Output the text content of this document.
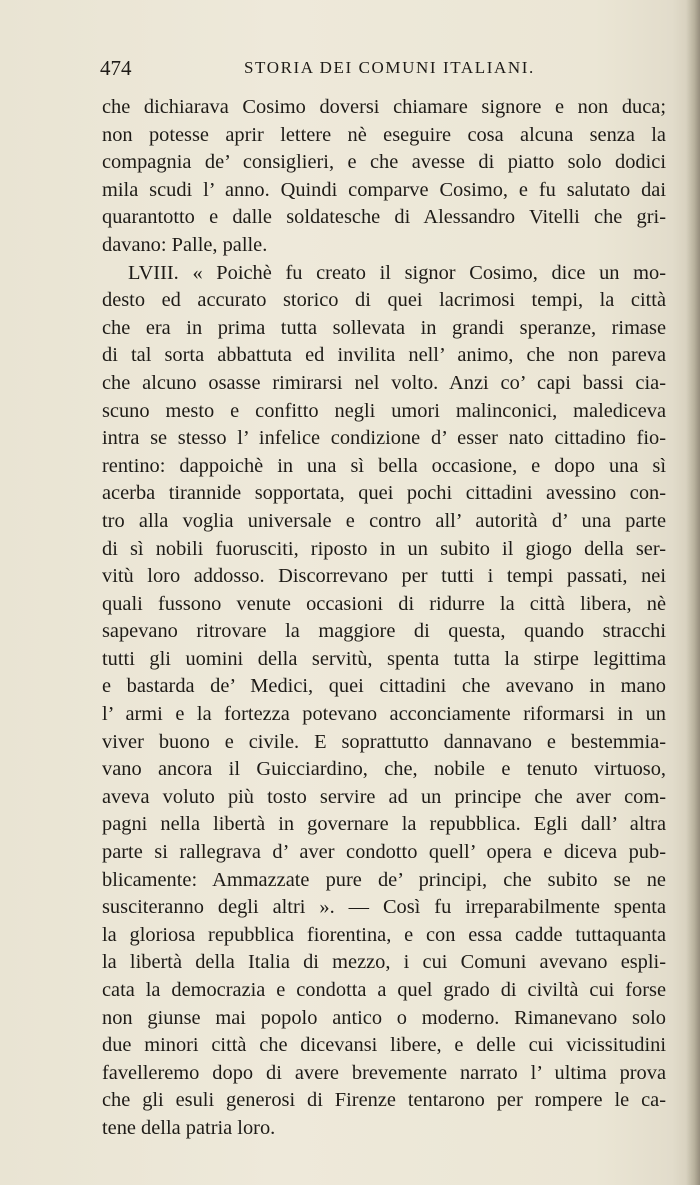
474	STORIA DEI COMUNI ITALIANI.
che dichiarava Cosimo doversi chiamare signore e non duca;
non potesse aprir lettere nè eseguire cosa alcuna senza la
compagnia de’ consiglieri, e che avesse di piatto solo dodici
mila scudi l’ anno. Quindi comparve Cosimo, e fu salutato dai
quarantotto e dalle soldatesche di Alessandro Vitelli che gri-
davano: Palle, palle.
LVIII. « Poichè fu creato il signor Cosimo, dice un mo-
desto ed accurato storico di quei lacrimosi tempi, la città
che era in prima tutta sollevata in grandi speranze, rimase
di tal sorta abbattuta ed invilita nell’ animo, che non pareva
che alcuno osasse rimirarsi nel volto. Anzi co’ capi bassi cia-
scuno mesto e confitto negli umori malinconici, malediceva
intra se stesso l’ infelice condizione d’ esser nato cittadino fio-
rentino: dappoichè in una sì bella occasione, e dopo una sì
acerba tirannide sopportata, quei pochi cittadini avessino con-
tro alla voglia universale e contro all’ autorità d’ una parte
di sì nobili fuorusciti, riposto in un subito il giogo della ser-
vitù loro addosso. Discorrevano per tutti i tempi passati, nei
quali fussono venute occasioni di ridurre la città libera, nè
sapevano ritrovare la maggiore di questa, quando stracchi
tutti gli uomini della servitù, spenta tutta la stirpe legittima
e bastarda de’ Medici, quei cittadini che avevano in mano
l’ armi e la fortezza potevano acconciamente riformarsi in un
viver buono e civile. E soprattutto dannavano e bestemmia-
vano ancora il Guicciardino, che, nobile e tenuto virtuoso,
aveva voluto più tosto servire ad un principe che aver com-
pagni nella libertà in governare la repubblica. Egli dall’ altra
parte si rallegrava d’ aver condotto quell’ opera e diceva pub-
blicamente: Ammazzate pure de’ principi, che subito se ne
susciteranno degli altri ». — Così fu irreparabilmente spenta
la gloriosa repubblica fiorentina, e con essa cadde tuttaquanta
la libertà della Italia di mezzo, i cui Comuni avevano espli-
cata la democrazia e condotta a quel grado di civiltà cui forse
non giunse mai popolo antico o moderno. Rimanevano solo
due minori città che dicevansi libere, e delle cui vicissitudini
favelleremo dopo di avere brevemente narrato l’ ultima prova
che gli esuli generosi di Firenze tentarono per rompere le ca-
tene della patria loro.
